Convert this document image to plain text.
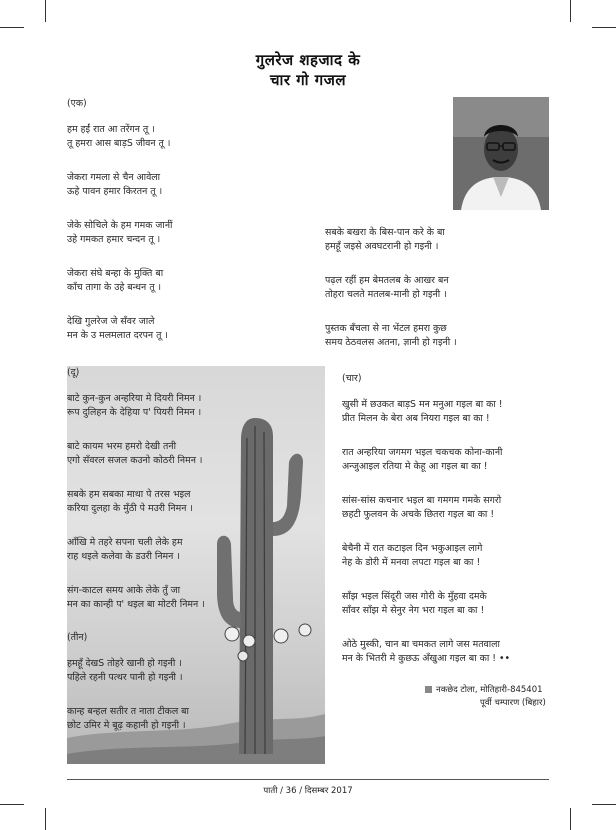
गुलरेज शहजाद के
चार गो गजल
(एक)
हम हईं रात आ तरेंगन तू ।
तू हमरा आस बाड़S जीवन तू ।
जेकरा गमला से चैन आवेला
ऊहे पावन हमार किरतन तू ।
जेके सोचिले के हम गमक जानीं
उहे गमकत हमार चन्दन तू ।
जेकरा संघे बन्हा के मुक्ति बा
काँच तागा के उहे बन्धन तू ।
देखि गुलरेज जे सँवर जाले
मन के उ मलमलात दरपन तू ।
सबके बखरा के बिस-पान करे के बा
हमहूँ जइसे अवघटरानी हो गइनी ।
पढ़ल रहीं हम बेमतलब के आखर बन
तोहरा चलते मतलब-मानी हो गइनी ।
पुस्तक बँचला से ना भेंटल हमरा कुछ
समय ठेठवलस अतना, ज्ञानी हो गइनी ।
(दू)
बाटे कुन-कुन अन्हरिया मे दियरी निमन ।
रूप दुलिहन के देहिया प' पियरी निमन ।
बाटे कायम भरम हमरो देखी तनी
एगो सँवरल सजल कउनो कोठरी निमन ।
सबके हम सबका माथा पे तरस भइल
करिया दुलहा के मुँठी पे मउरी निमन ।
आँखि मे तहरे सपना चली लेके हम
राह थइले कलेवा के डउरी निमन ।
संग-काटल समय आके लेके तुँ जा
मन का कान्ही प' थइल बा मोटरी निमन ।
(तीन)
हमहूँ देखS तोहरे खानी हो गइनी ।
पहिले रहनी पत्थर पानी हो गइनी ।
कान्ह बन्हल सतीर त नाता टीकल बा
छोट उमिर मे बूढ़ कहानी हो गइनी ।
(चार)
खुसी में छउकत बाड़S मन मनुआ गइल बा का !
प्रीत मिलन के बेरा अब नियरा गइल बा का !
रात अन्हरिया जगमग भइल चकचक कोना-कानी
अन्जुआइल रतिया मे केहू आ गइल बा का !
सांस-सांस कचनार भइल बा गमगम गमके सगरो
छहटी फुलवन के अचके छितरा गइल बा का !
बेचैनी में रात कटाइल दिन भकुआइल लागे
नेह के डोरी में मनवा लपटा गइल बा का !
साँझ भइल सिंदूरी जस गोरी के मुँहवा दमके
साँवर साँझ मे सेनुर नेग भरा गइल बा का !
ओठे मुस्की, चान बा चमकत लागे जस मतवाला
मन के भितरी मे कुछऊ अँखुआ गइल बा का ! ••
नकछेद टोला, मोतिहारी-845401
पूर्वी चम्पारण (बिहार)
पाती / 36 / दिसम्बर 2017
